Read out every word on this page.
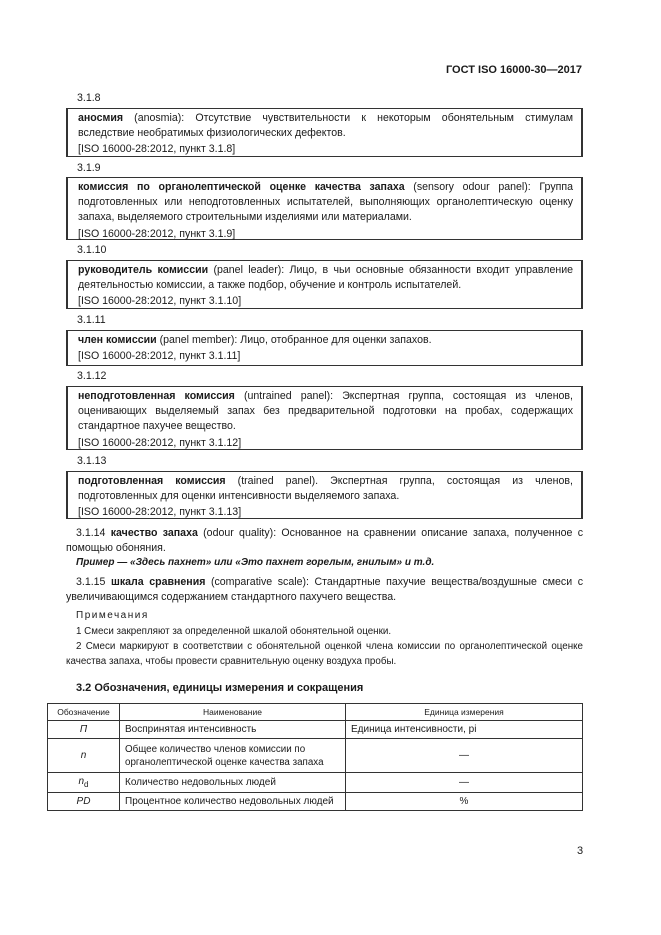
ГОСТ ISO 16000-30—2017
3.1.8

аносмия (anosmia): Отсутствие чувствительности к некоторым обонятельным стимулам вследствие необратимых физиологических дефектов.

[ISO 16000-28:2012, пункт 3.1.8]

3.1.9

комиссия по органолептической оценке качества запаха (sensory odour panel): Группа подготовленных или неподготовленных испытателей, выполняющих органолептическую оценку запаха, выделяемого строительными изделиями или материалами.

[ISO 16000-28:2012, пункт 3.1.9]

3.1.10

руководитель комиссии (panel leader): Лицо, в чьи основные обязанности входит управление деятельностью комиссии, а также подбор, обучение и контроль испытателей.

[ISO 16000-28:2012, пункт 3.1.10]

3.1.11

член комиссии (panel member): Лицо, отобранное для оценки запахов.

[ISO 16000-28:2012, пункт 3.1.11]

3.1.12

неподготовленная комиссия (untrained panel): Экспертная группа, состоящая из членов, оценивающих выделяемый запах без предварительной подготовки на пробах, содержащих стандартное пахучее вещество.

[ISO 16000-28:2012, пункт 3.1.12]

3.1.13

подготовленная комиссия (trained panel). Экспертная группа, состоящая из членов, подготовленных для оценки интенсивности выделяемого запаха.

[ISO 16000-28:2012, пункт 3.1.13]

3.1.14 качество запаха (odour quality): Основанное на сравнении описание запаха, полученное с помощью обоняния.
Пример — «Здесь пахнет» или «Это пахнет горелым, гнилым» и т.д.
3.1.15 шкала сравнения (comparative scale): Стандартные пахучие вещества/воздушные смеси с увеличивающимся содержанием стандартного пахучего вещества.
Примечания
1 Смеси закрепляют за определенной шкалой обонятельной оценки.
2 Смеси маркируют в соответствии с обонятельной оценкой члена комиссии по органолептической оценке качества запаха, чтобы провести сравнительную оценку воздуха пробы.
3.2 Обозначения, единицы измерения и сокращения
Обозначение	Наименование	Единица измерения
П	Воспринятая интенсивность	Единица интенсивности, pi
n	Общее количество членов комиссии по органолептической оценке качества запаха	—
$n_d$	Количество недовольных людей	—
PD	Процентное количество недовольных людей	%
3
